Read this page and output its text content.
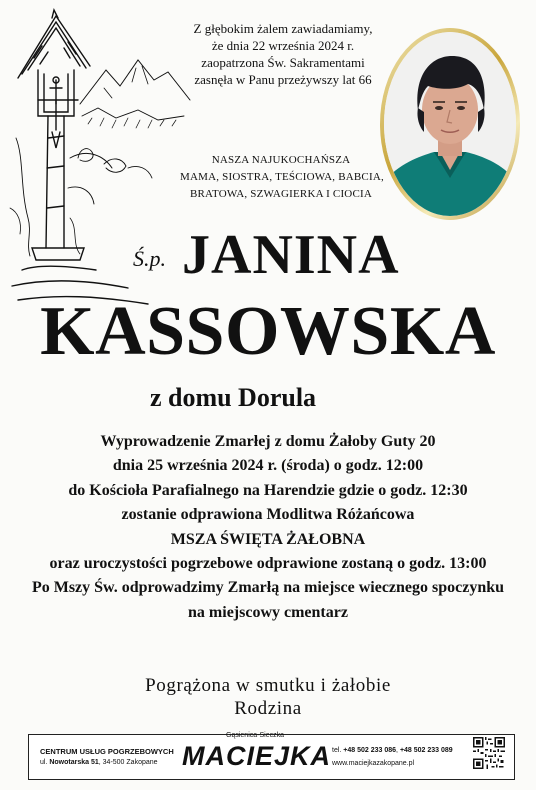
Z głębokim żalem zawiadamiamy,
że dnia 22 września 2024 r.
zaopatrzona Św. Sakramentami
zasnęła w Panu przeżywszy lat 66
NASZA NAJUKOCHAŃSZA
MAMA, SIOSTRA, TEŚCIOWA, BABCIA,
BRATOWA, SZWAGIERKA I CIOCIA
Ś.p. JANINA
KASSOWSKA
z domu Dorula
Wyprowadzenie Zmarłej z domu Żałoby Guty 20
dnia 25 września 2024 r. (środa) o godz. 12:00
do Kościoła Parafialnego na Harendzie gdzie o godz. 12:30
zostanie odprawiona Modlitwa Różańcowa
MSZA ŚWIĘTA ŻAŁOBNA
oraz uroczystości pogrzebowe odprawione zostaną o godz. 13:00
Po Mszy Św. odprowadzimy Zmarłą na miejsce wiecznego spoczynku
na miejscowy cmentarz
Pogrążona w smutku i żałobie
Rodzina
CENTRUM USŁUG POGRZEBOWYCH
ul. Nowotarska 51, 34-500 Zakopane
Gąsienica-Sieczka
MACIEJKA tel. +48 502 233 086, +48 502 233 089
www.maciejkazakopane.pl
